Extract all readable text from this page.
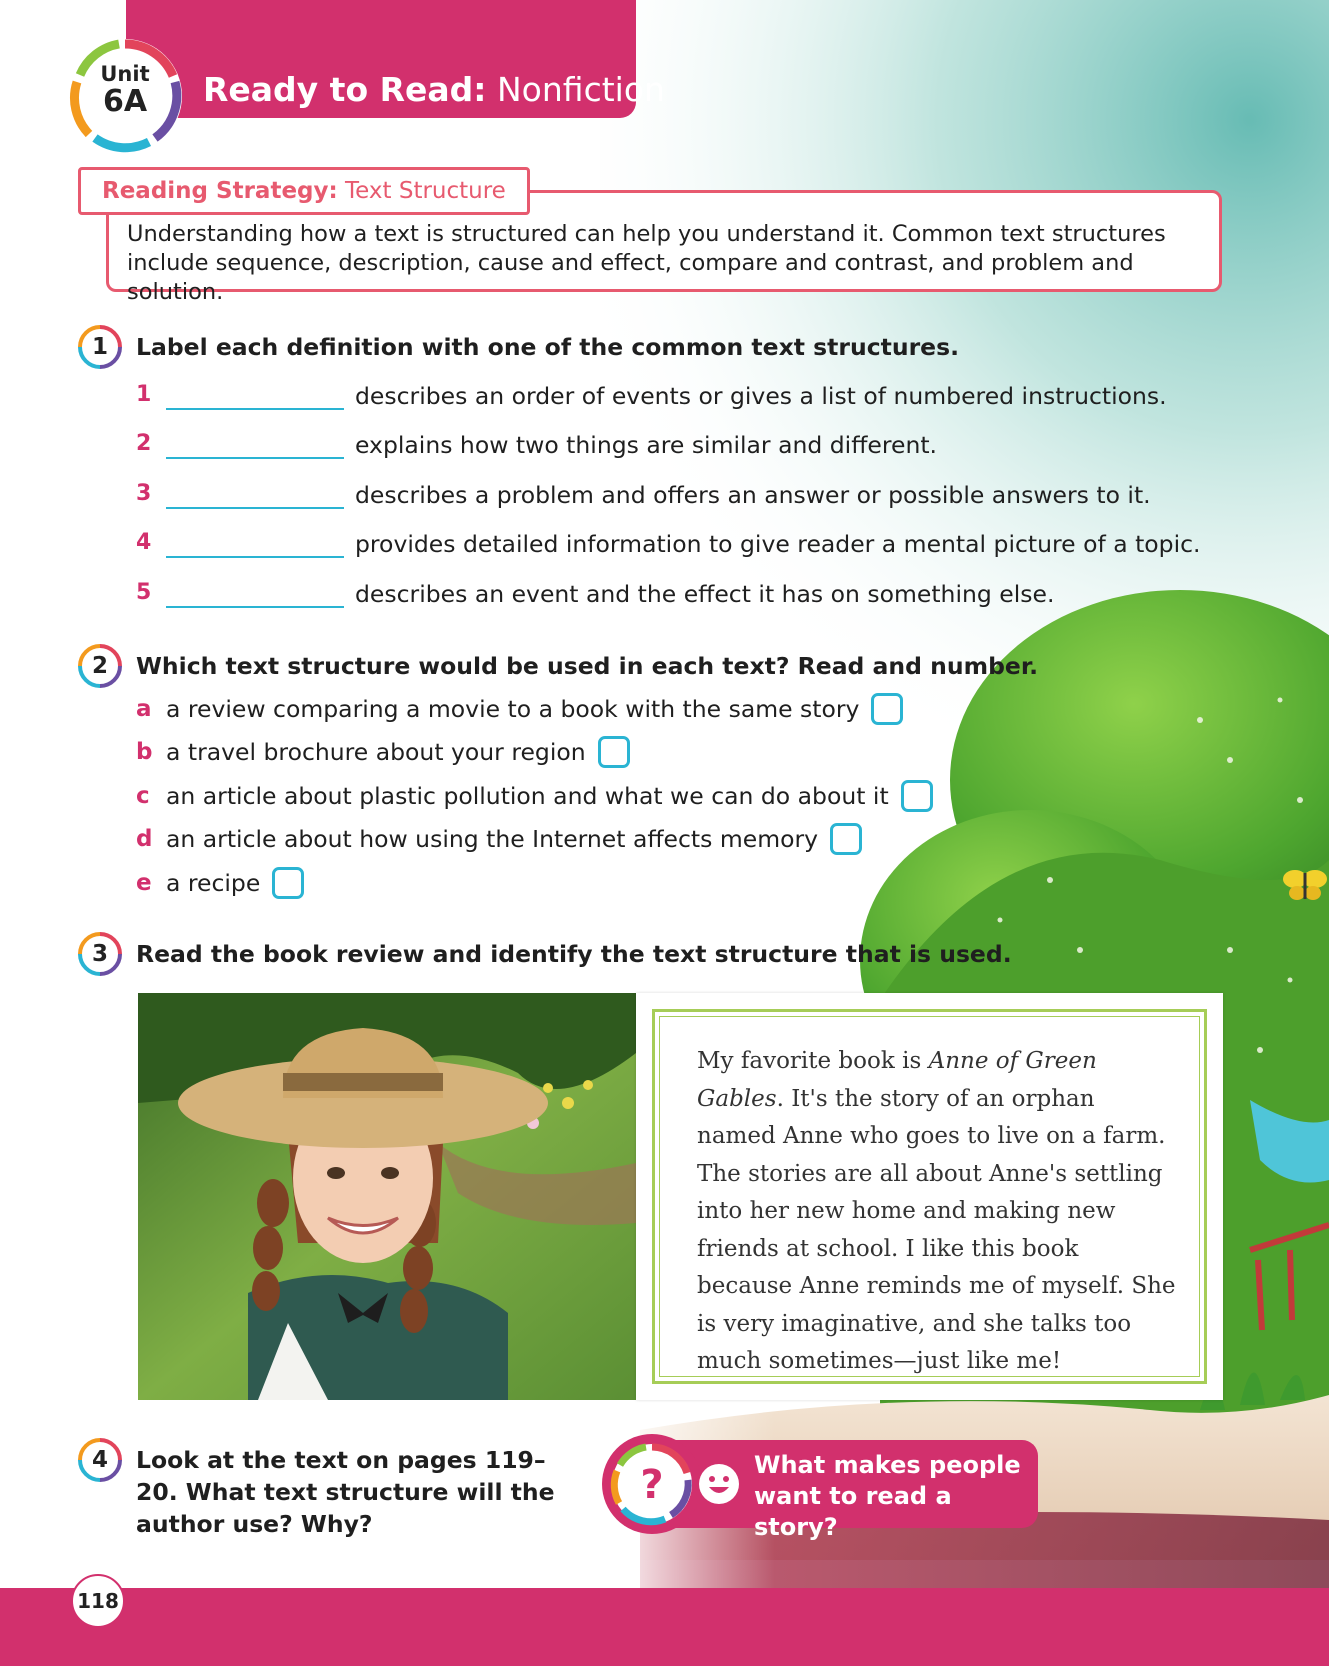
Ready to Read: Nonfiction
Unit
6A
Reading Strategy: Text Structure
Understanding how a text is structured can help you understand it. Common text structures include sequence, description, cause and effect, compare and contrast, and problem and solution.
1	Label each definition with one of the common text structures.
1	describes an order of events or gives a list of numbered instructions.
2	explains how two things are similar and different.
3	describes a problem and offers an answer or possible answers to it.
4	provides detailed information to give reader a mental picture of a topic.
5	describes an event and the effect it has on something else.
2	Which text structure would be used in each text? Read and number.
a a review comparing a movie to a book with the same story
b a travel brochure about your region
c an article about plastic pollution and what we can do about it
d an article about how using the Internet affects memory
e a recipe
3	Read the book review and identify the text structure that is used.
My favorite book is Anne of Green Gables. It's the story of an orphan named Anne who goes to live on a farm. The stories are all about Anne's settling into her new home and making new friends at school. I like this book because Anne reminds me of myself. She is very imaginative, and she talks too much sometimes—just like me!
4	Look at the text on pages 119–20. What text structure will the author use? Why?
?	What makes people want to read a story?
118
